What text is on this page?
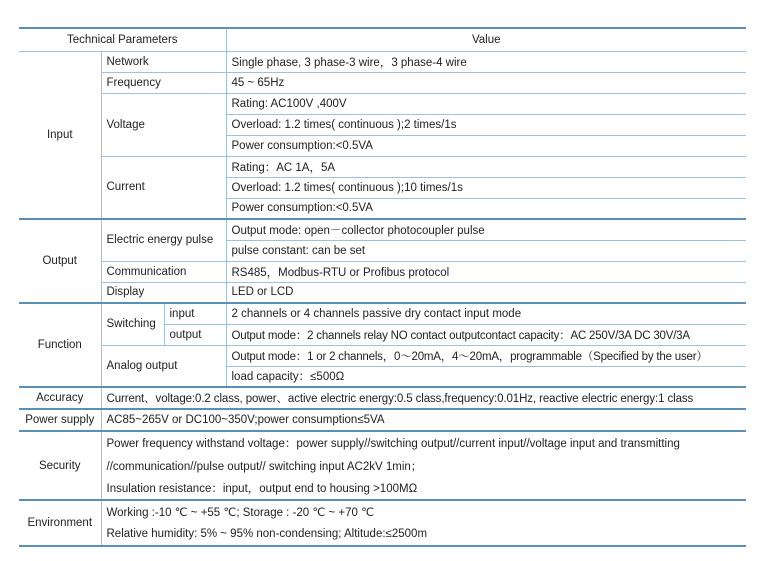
Technical Parameters			Value
Input	Network		Single phase, 3 phase-3 wire，3 phase-4 wire
	Frequency		45 ~ 65Hz
	Voltage		Rating: AC100V ,400V
			Overload: 1.2 times( continuous );2 times/1s
			Power consumption:<0.5VA
	Current		Rating：AC 1A，5A
			Overload: 1.2 times( continuous );10 times/1s
			Power consumption:<0.5VA
Output	Electric energy pulse		Output mode: open－collector photocoupler pulse
			pulse constant: can be set
	Communication		RS485，Modbus-RTU or Profibus protocol
	Display		LED or LCD
Function	Switching	input	2 channels or 4 channels passive dry contact input mode
		output	Output mode：2 channels relay NO contact outputcontact capacity：AC 250V/3A DC 30V/3A
	Analog output		Output mode：1 or 2 channels，0～20mA，4～20mA，programmable（Specified by the user）
			load capacity：≤500Ω
Accuracy	Current、voltage:0.2 class, power、active electric energy:0.5 class,frequency:0.01Hz, reactive electric energy:1 class		
Power supply	AC85~265V or DC100~350V;power consumption≤5VA		
Security	Power frequency withstand voltage：power supply//switching output//current input//voltage input and transmitting		
	//communication//pulse output// switching input AC2kV 1min；		
	Insulation resistance：input，output end to housing >100MΩ		
Environment	Working :-10 ℃ ~ +55 ℃; Storage : -20 ℃ ~ +70 ℃		
	Relative humidity: 5% ~ 95% non-condensing; Altitude:≤2500m		
